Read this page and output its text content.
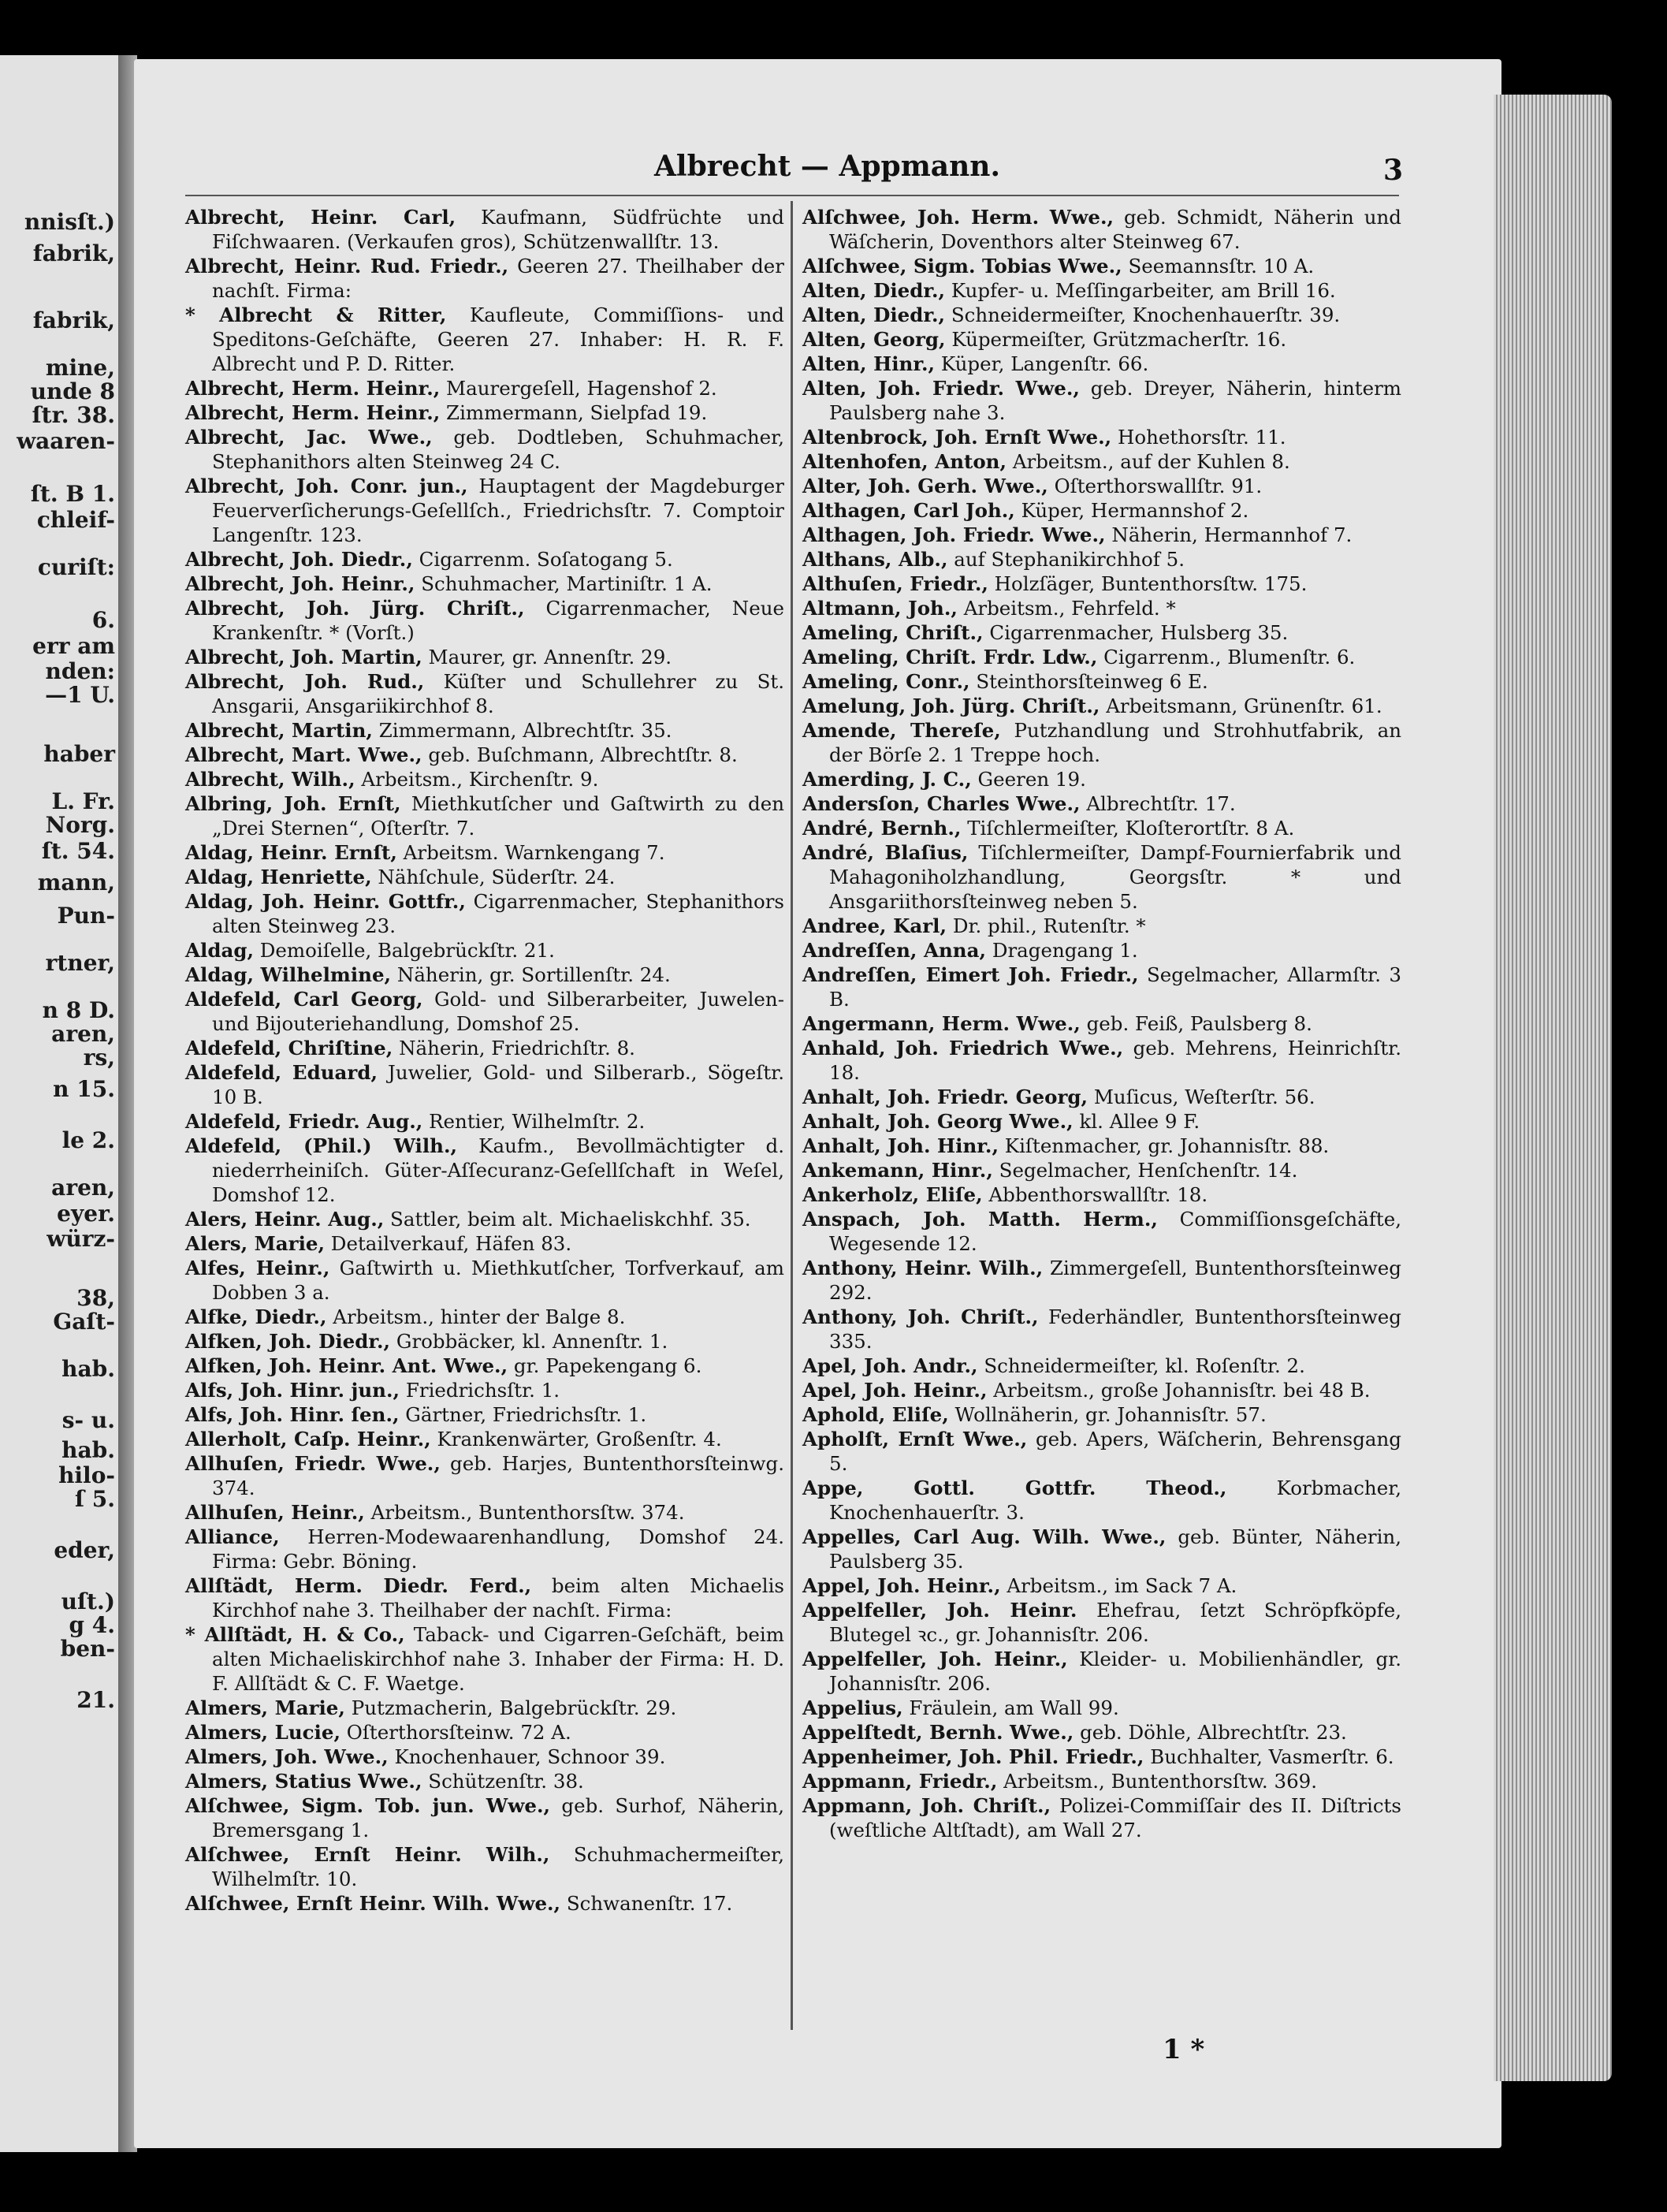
nnisſt.)
fabrik,
fabrik,
mine,
unde 8
ſtr. 38.
waaren-
ſt. B 1.
chleif-
curiſt:
6.
err am
nden:
—1 U.
haber
L. Fr.
Norg.
ſt. 54.
mann,
Pun-
rtner,
n 8 D.
aren,
rs,
n 15.
le 2.
aren,
eyer.
würz-
38,
Gaſt-
hab.
s- u.
hab.
hilo-
ſ 5.
eder,
uſt.)
g 4.
ben-
21.
Albrecht — Appmann.	3

Albrecht, Heinr. Carl, Kaufmann, Südfrüchte und Fiſchwaaren. (Verkaufen gros), Schützenwallſtr. 13.

Albrecht, Heinr. Rud. Friedr., Geeren 27. Theilhaber der nachſt. Firma:

* Albrecht & Ritter, Kaufleute, Commiſſions- und Speditons-Geſchäfte, Geeren 27. Inhaber: H. R. F. Albrecht und P. D. Ritter.

Albrecht, Herm. Heinr., Maurergeſell, Hagenshof 2.

Albrecht, Herm. Heinr., Zimmermann, Sielpfad 19.

Albrecht, Jac. Wwe., geb. Dodtleben, Schuhmacher, Stephanithors alten Steinweg 24 C.

Albrecht, Joh. Conr. jun., Hauptagent der Magdeburger Feuerverſicherungs-Geſellſch., Friedrichsſtr. 7. Comptoir Langenſtr. 123.

Albrecht, Joh. Diedr., Cigarrenm. Soſatogang 5.

Albrecht, Joh. Heinr., Schuhmacher, Martiniſtr. 1 A.

Albrecht, Joh. Jürg. Chriſt., Cigarrenmacher, Neue Krankenſtr. * (Vorſt.)

Albrecht, Joh. Martin, Maurer, gr. Annenſtr. 29.

Albrecht, Joh. Rud., Küſter und Schullehrer zu St. Ansgarii, Ansgariikirchhof 8.

Albrecht, Martin, Zimmermann, Albrechtſtr. 35.

Albrecht, Mart. Wwe., geb. Buſchmann, Albrechtſtr. 8.

Albrecht, Wilh., Arbeitsm., Kirchenſtr. 9.

Albring, Joh. Ernſt, Miethkutſcher und Gaſtwirth zu den „Drei Sternen“, Oſterſtr. 7.

Aldag, Heinr. Ernſt, Arbeitsm. Warnkengang 7.

Aldag, Henriette, Nähſchule, Süderſtr. 24.

Aldag, Joh. Heinr. Gottfr., Cigarrenmacher, Stephanithors alten Steinweg 23.

Aldag, Demoiſelle, Balgebrückſtr. 21.

Aldag, Wilhelmine, Näherin, gr. Sortillenſtr. 24.

Aldefeld, Carl Georg, Gold- und Silberarbeiter, Juwelen- und Bijouteriehandlung, Domshof 25.

Aldefeld, Chriſtine, Näherin, Friedrichſtr. 8.

Aldefeld, Eduard, Juwelier, Gold- und Silberarb., Sögeſtr. 10 B.

Aldefeld, Friedr. Aug., Rentier, Wilhelmſtr. 2.

Aldefeld, (Phil.) Wilh., Kaufm., Bevollmächtigter d. niederrheiniſch. Güter-Aſſecuranz-Geſellſchaft in Weſel, Domshof 12.

Alers, Heinr. Aug., Sattler, beim alt. Michaeliskchhf. 35.

Alers, Marie, Detailverkauf, Häfen 83.

Alfes, Heinr., Gaſtwirth u. Miethkutſcher, Torfverkauf, am Dobben 3 a.

Alfke, Diedr., Arbeitsm., hinter der Balge 8.

Alfken, Joh. Diedr., Grobbäcker, kl. Annenſtr. 1.

Alfken, Joh. Heinr. Ant. Wwe., gr. Papekengang 6.

Alfs, Joh. Hinr. jun., Friedrichsſtr. 1.

Alfs, Joh. Hinr. ſen., Gärtner, Friedrichsſtr. 1.

Allerholt, Caſp. Heinr., Krankenwärter, Großenſtr. 4.

Allhuſen, Friedr. Wwe., geb. Harjes, Buntenthorsſteinwg. 374.

Allhuſen, Heinr., Arbeitsm., Buntenthorsſtw. 374.

Alliance, Herren-Modewaarenhandlung, Domshof 24. Firma: Gebr. Böning.

Allſtädt, Herm. Diedr. Ferd., beim alten Michaelis Kirchhof nahe 3. Theilhaber der nachſt. Firma:

* Allſtädt, H. & Co., Taback- und Cigarren-Geſchäft, beim alten Michaeliskirchhof nahe 3. Inhaber der Firma: H. D. F. Allſtädt & C. F. Waetge.

Almers, Marie, Putzmacherin, Balgebrückſtr. 29.

Almers, Lucie, Oſterthorsſteinw. 72 A.

Almers, Joh. Wwe., Knochenhauer, Schnoor 39.

Almers, Statius Wwe., Schützenſtr. 38.

Alſchwee, Sigm. Tob. jun. Wwe., geb. Surhof, Näherin, Bremersgang 1.

Alſchwee, Ernſt Heinr. Wilh., Schuhmachermeiſter, Wilhelmſtr. 10.

Alſchwee, Ernſt Heinr. Wilh. Wwe., Schwanenſtr. 17.

Alſchwee, Joh. Herm. Wwe., geb. Schmidt, Näherin und Wäſcherin, Doventhors alter Steinweg 67.

Alſchwee, Sigm. Tobias Wwe., Seemannsſtr. 10 A.

Alten, Diedr., Kupfer- u. Meſſingarbeiter, am Brill 16.

Alten, Diedr., Schneidermeiſter, Knochenhauerſtr. 39.

Alten, Georg, Küpermeiſter, Grützmacherſtr. 16.

Alten, Hinr., Küper, Langenſtr. 66.

Alten, Joh. Friedr. Wwe., geb. Dreyer, Näherin, hinterm Paulsberg nahe 3.

Altenbrock, Joh. Ernſt Wwe., Hohethorsſtr. 11.

Altenhofen, Anton, Arbeitsm., auf der Kuhlen 8.

Alter, Joh. Gerh. Wwe., Oſterthorswallſtr. 91.

Althagen, Carl Joh., Küper, Hermannshof 2.

Althagen, Joh. Friedr. Wwe., Näherin, Hermannhof 7.

Althans, Alb., auf Stephanikirchhof 5.

Althuſen, Friedr., Holzſäger, Buntenthorsſtw. 175.

Altmann, Joh., Arbeitsm., Fehrfeld. *

Ameling, Chriſt., Cigarrenmacher, Hulsberg 35.

Ameling, Chriſt. Frdr. Ldw., Cigarrenm., Blumenſtr. 6.

Ameling, Conr., Steinthorsſteinweg 6 E.

Amelung, Joh. Jürg. Chriſt., Arbeitsmann, Grünenſtr. 61.

Amende, Thereſe, Putzhandlung und Strohhutfabrik, an der Börſe 2. 1 Treppe hoch.

Amerding, J. C., Geeren 19.

Andersſon, Charles Wwe., Albrechtſtr. 17.

André, Bernh., Tiſchlermeiſter, Kloſterortſtr. 8 A.

André, Blaſius, Tiſchlermeiſter, Dampf-Fournierfabrik und Mahagoniholzhandlung, Georgsſtr. * und Ansgariithorsſteinweg neben 5.

Andree, Karl, Dr. phil., Rutenſtr. *

Andreſſen, Anna, Dragengang 1.

Andreſſen, Eimert Joh. Friedr., Segelmacher, Allarmſtr. 3 B.

Angermann, Herm. Wwe., geb. Feiß, Paulsberg 8.

Anhald, Joh. Friedrich Wwe., geb. Mehrens, Heinrichſtr. 18.

Anhalt, Joh. Friedr. Georg, Muſicus, Weſterſtr. 56.

Anhalt, Joh. Georg Wwe., kl. Allee 9 F.

Anhalt, Joh. Hinr., Kiſtenmacher, gr. Johannisſtr. 88.

Ankemann, Hinr., Segelmacher, Henſchenſtr. 14.

Ankerholz, Eliſe, Abbenthorswallſtr. 18.

Anspach, Joh. Matth. Herm., Commiſſionsgeſchäfte, Wegesende 12.

Anthony, Heinr. Wilh., Zimmergeſell, Buntenthorsſteinweg 292.

Anthony, Joh. Chriſt., Federhändler, Buntenthorsſteinweg 335.

Apel, Joh. Andr., Schneidermeiſter, kl. Roſenſtr. 2.

Apel, Joh. Heinr., Arbeitsm., große Johannisſtr. bei 48 B.

Aphold, Eliſe, Wollnäherin, gr. Johannisſtr. 57.

Apholſt, Ernſt Wwe., geb. Apers, Wäſcherin, Behrensgang 5.

Appe, Gottl. Gottfr. Theod.,	Korbmacher, Knochenhauerſtr. 3.

Appelles, Carl Aug. Wilh. Wwe., geb. Bünter, Näherin, Paulsberg 35.

Appel, Joh. Heinr., Arbeitsm., im Sack 7 A.

Appelfeller, Joh. Heinr. Ehefrau, ſetzt Schröpfköpfe, Blutegel ꝛc., gr. Johannisſtr. 206.

Appelfeller, Joh. Heinr., Kleider- u. Mobilienhändler, gr. Johannisſtr. 206.

Appelius, Fräulein, am Wall 99.

Appelſtedt, Bernh. Wwe., geb. Döhle, Albrechtſtr. 23.

Appenheimer, Joh. Phil. Friedr., Buchhalter, Vasmerſtr. 6.

Appmann, Friedr., Arbeitsm., Buntenthorsſtw. 369.

Appmann, Joh. Chriſt., Polizei-Commiſſair des II. Diſtricts (weſtliche Altſtadt), am Wall 27.

1 *
